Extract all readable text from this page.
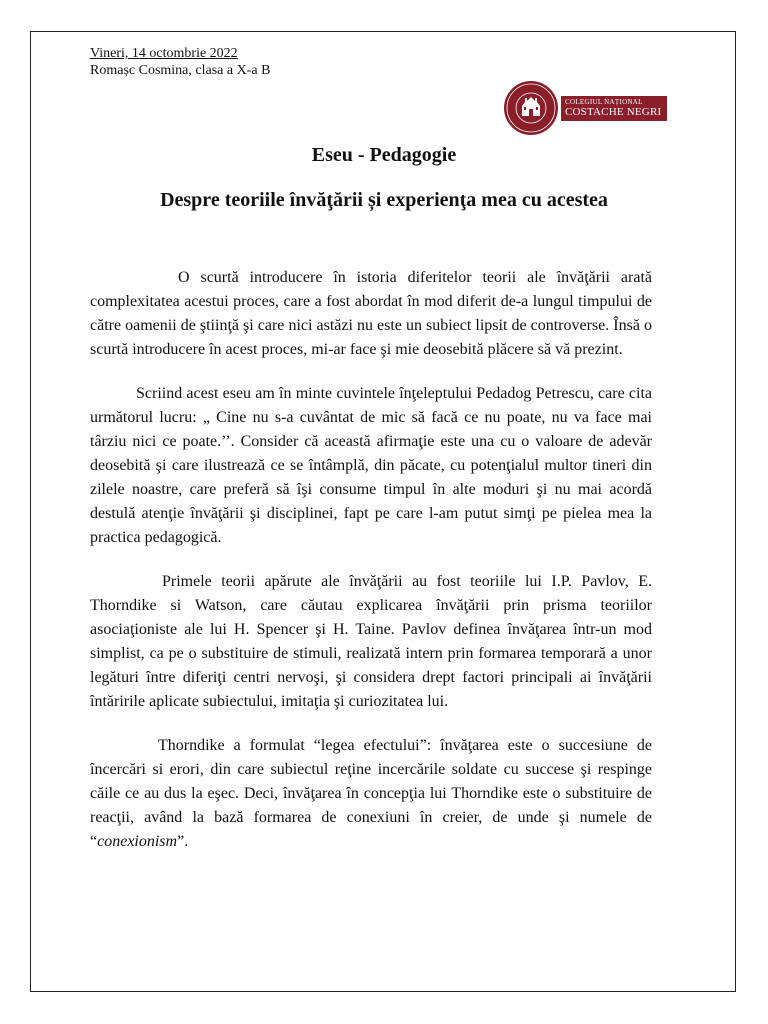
Vineri, 14 octombrie 2022
Romașc Cosmina, clasa a X-a B
COLEGIUL NAȚIONAL
COSTACHE NEGRI
Eseu - Pedagogie
Despre teoriile învăţării și experienţa mea cu acestea

O scurtă introducere în istoria diferitelor teorii ale învăţării arată complexitatea acestui proces, care a fost abordat în mod diferit de-a lungul timpului de către oamenii de ştiinţă şi care nici astăzi nu este un subiect lipsit de controverse. Însă o scurtă introducere în acest proces, mi-ar face şi mie deosebită plăcere să vă prezint.

Scriind acest eseu am în minte cuvintele înţeleptului Pedadog Petrescu, care cita următorul lucru: „ Cine nu s-a cuvântat de mic să facă ce nu poate, nu va face mai târziu nici ce poate.’’. Consider că această afirmaţie este una cu o valoare de adevăr deosebită şi care ilustrează ce se întâmplă, din păcate, cu potenţialul multor tineri din zilele noastre, care preferă să îşi consume timpul în alte moduri şi nu mai acordă destulă atenţie învăţării şi disciplinei, fapt pe care l-am putut simţi pe pielea mea la practica pedagogică.

Primele teorii apărute ale învăţării au fost teoriile lui I.P. Pavlov, E. Thorndike si Watson, care căutau explicarea învăţării prin prisma teoriilor asociaţioniste ale lui H. Spencer şi H. Taine. Pavlov definea învăţarea într-un mod simplist, ca pe o substituire de stimuli, realizată intern prin formarea temporară a unor legături între diferiţi centri nervoşi, şi considera drept factori principali ai învăţării întăririle aplicate subiectului, imitaţia şi curiozitatea lui.

Thorndike a formulat “legea efectului”: învăţarea este o succesiune de încercări si erori, din care subiectul reţine incercările soldate cu succese şi respinge căile ce au dus la eşec. Deci, învăţarea în concepţia lui Thorndike este o substituire de reacţii, având la bază formarea de conexiuni în creier, de unde şi numele de “conexionism”.
